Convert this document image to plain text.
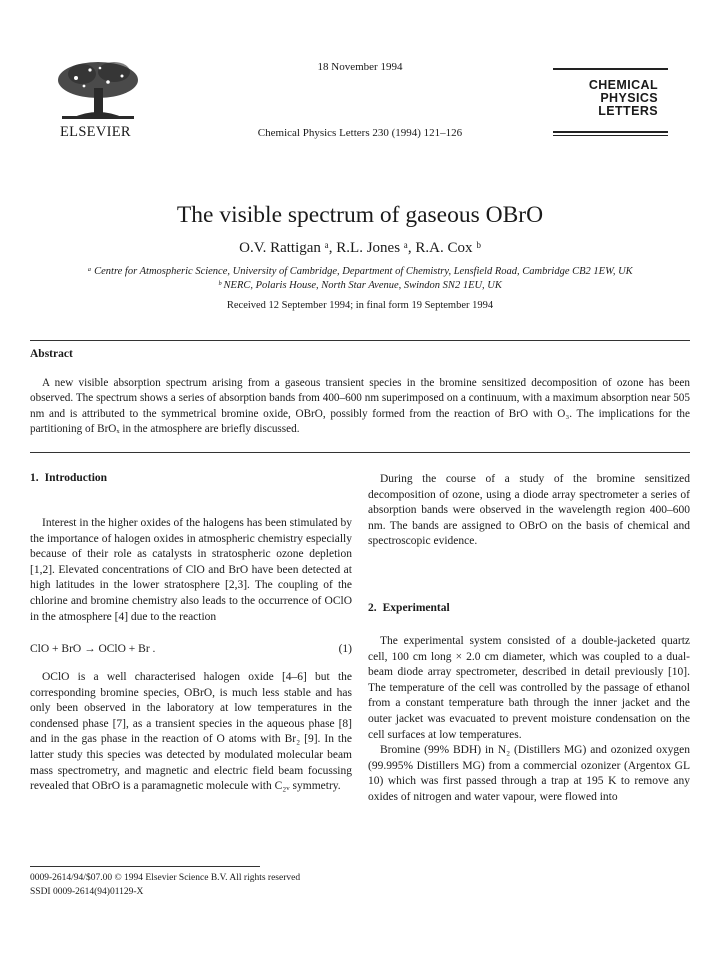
ELSEVIER
18 November 1994
Chemical Physics Letters 230 (1994) 121–126
CHEMICAL
PHYSICS
LETTERS
The visible spectrum of gaseous OBrO
O.V. Rattigan ᵃ, R.L. Jones ᵃ, R.A. Cox ᵇ
ᵃ Centre for Atmospheric Science, University of Cambridge, Department of Chemistry, Lensfield Road, Cambridge CB2 1EW, UK
ᵇ NERC, Polaris House, North Star Avenue, Swindon SN2 1EU, UK
Received 12 September 1994; in final form 19 September 1994
Abstract
A new visible absorption spectrum arising from a gaseous transient species in the bromine sensitized decomposition of ozone has been observed. The spectrum shows a series of absorption bands from 400–600 nm superimposed on a continuum, with a maximum absorption near 505 nm and is attributed to the symmetrical bromine oxide, OBrO, possibly formed from the reaction of BrO with O₃. The implications for the partitioning of BrOₓ in the atmosphere are briefly discussed.
1. Introduction

Interest in the higher oxides of the halogens has been stimulated by the importance of halogen oxides in atmospheric chemistry especially because of their role as catalysts in stratospheric ozone depletion [1,2]. Elevated concentrations of ClO and BrO have been detected at high latitudes in the lower stratosphere [2,3]. The coupling of the chlorine and bromine chemistry also leads to the occurrence of OClO in the atmosphere [4] due to the reaction

ClO + BrO → OClO + Br .	(1)

OClO is a well characterised halogen oxide [4–6] but the corresponding bromine species, OBrO, is much less stable and has only been observed in the laboratory at low temperatures in the condensed phase [7], as a transient species in the aqueous phase [8] and in the gas phase in the reaction of O atoms with Br₂ [9]. In the latter study this species was detected by modulated molecular beam mass spectrometry, and magnetic and electric field beam focussing revealed that OBrO is a paramagnetic molecule with C₂ᵥ symmetry.

During the course of a study of the bromine sensitized decomposition of ozone, using a diode array spectrometer a series of absorption bands were observed in the wavelength region 400–600 nm. The bands are assigned to OBrO on the basis of chemical and spectroscopic evidence.

2. Experimental

The experimental system consisted of a double-jacketed quartz cell, 100 cm long × 2.0 cm diameter, which was coupled to a dual-beam diode array spectrometer, described in detail previously [10]. The temperature of the cell was controlled by the passage of ethanol from a constant temperature bath through the inner jacket and the outer jacket was evacuated to prevent moisture condensation on the cell surfaces at low temperatures.

Bromine (99% BDH) in N₂ (Distillers MG) and ozonized oxygen (99.995% Distillers MG) from a commercial ozonizer (Argentox GL 10) which was first passed through a trap at 195 K to remove any oxides of nitrogen and water vapour, were flowed into

0009-2614/94/$07.00 © 1994 Elsevier Science B.V. All rights reserved
SSDI 0009-2614(94)01129-X
